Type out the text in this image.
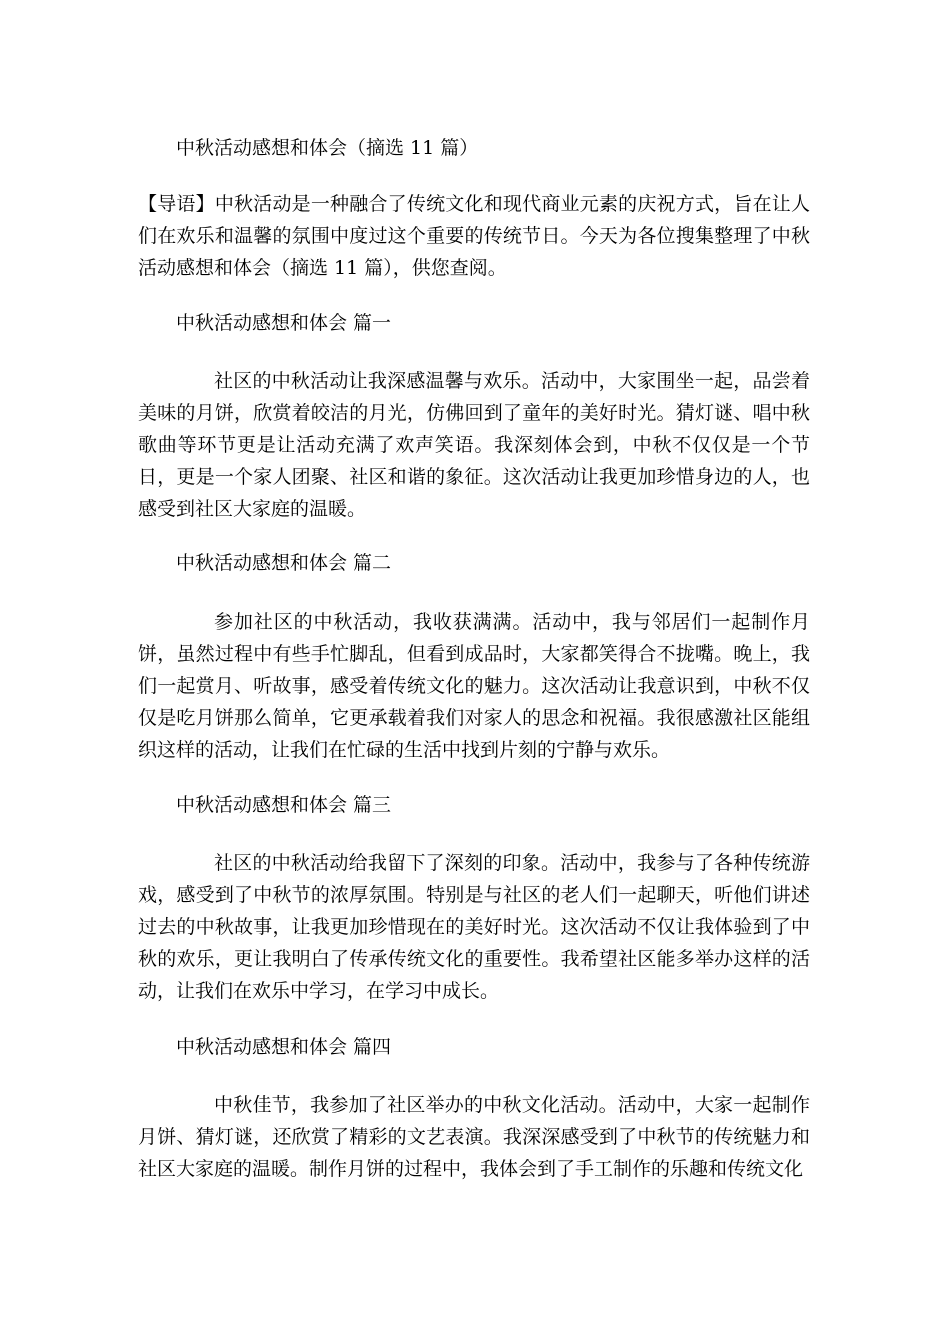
中秋活动感想和体会（摘选 11 篇）
【导语】中秋活动是一种融合了传统文化和现代商业元素的庆祝方式，旨在让人们在欢乐和温馨的氛围中度过这个重要的传统节日。今天为各位搜集整理了中秋活动感想和体会（摘选 11 篇），供您查阅。
中秋活动感想和体会 篇一
社区的中秋活动让我深感温馨与欢乐。活动中，大家围坐一起，品尝着美味的月饼，欣赏着皎洁的月光，仿佛回到了童年的美好时光。猜灯谜、唱中秋歌曲等环节更是让活动充满了欢声笑语。我深刻体会到，中秋不仅仅是一个节日，更是一个家人团聚、社区和谐的象征。这次活动让我更加珍惜身边的人，也感受到社区大家庭的温暖。
中秋活动感想和体会 篇二
参加社区的中秋活动，我收获满满。活动中，我与邻居们一起制作月饼，虽然过程中有些手忙脚乱，但看到成品时，大家都笑得合不拢嘴。晚上，我们一起赏月、听故事，感受着传统文化的魅力。这次活动让我意识到，中秋不仅仅是吃月饼那么简单，它更承载着我们对家人的思念和祝福。我很感激社区能组织这样的活动，让我们在忙碌的生活中找到片刻的宁静与欢乐。
中秋活动感想和体会 篇三
社区的中秋活动给我留下了深刻的印象。活动中，我参与了各种传统游戏，感受到了中秋节的浓厚氛围。特别是与社区的老人们一起聊天，听他们讲述过去的中秋故事，让我更加珍惜现在的美好时光。这次活动不仅让我体验到了中秋的欢乐，更让我明白了传承传统文化的重要性。我希望社区能多举办这样的活动，让我们在欢乐中学习，在学习中成长。
中秋活动感想和体会 篇四
中秋佳节，我参加了社区举办的中秋文化活动。活动中，大家一起制作月饼、猜灯谜，还欣赏了精彩的文艺表演。我深深感受到了中秋节的传统魅力和社区大家庭的温暖。制作月饼的过程中，我体会到了手工制作的乐趣和传统文化
